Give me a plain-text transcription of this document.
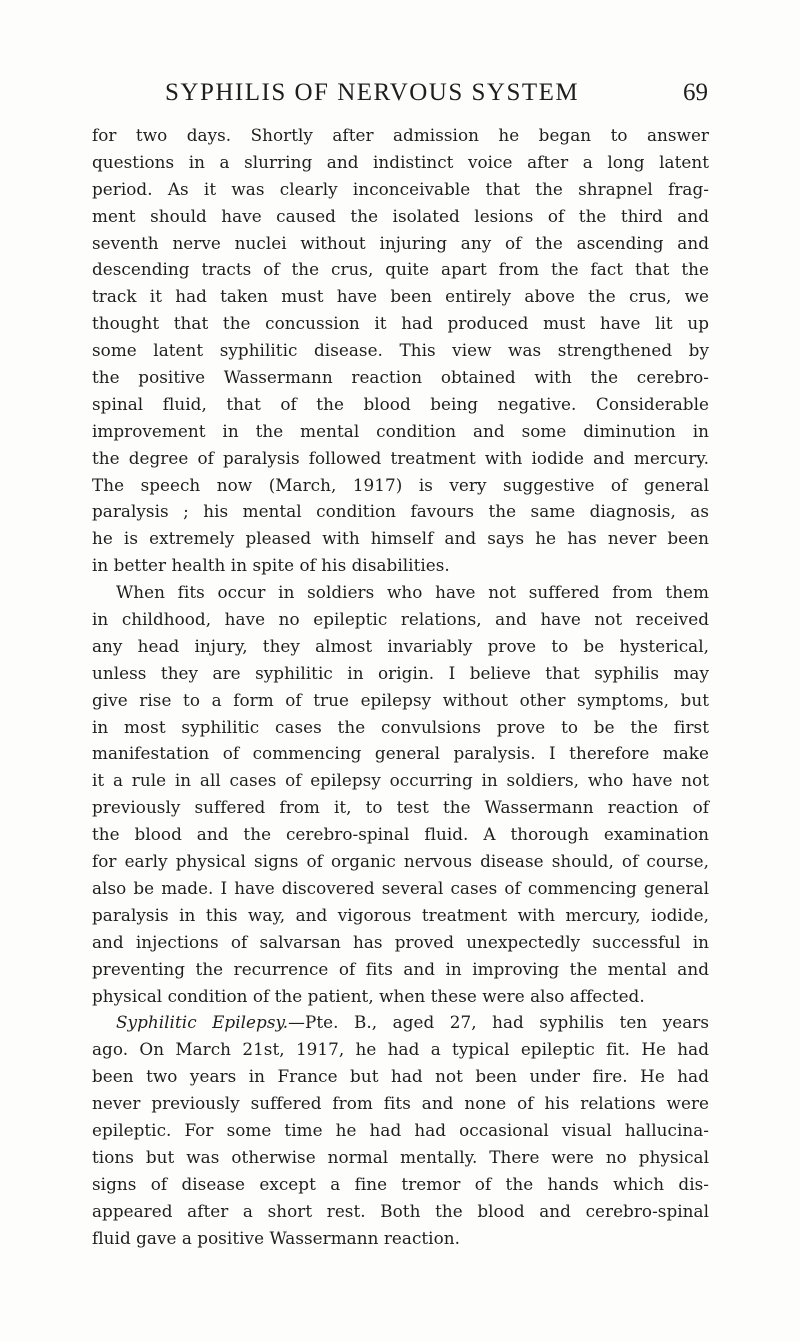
SYPHILIS OF NERVOUS SYSTEM	69
for two days. Shortly after admission he began to answer
questions in a slurring and indistinct voice after a long latent
period. As it was clearly inconceivable that the shrapnel frag-
ment should have caused the isolated lesions of the third and
seventh nerve nuclei without injuring any of the ascending and
descending tracts of the crus, quite apart from the fact that the
track it had taken must have been entirely above the crus, we
thought that the concussion it had produced must have lit up
some latent syphilitic disease. This view was strengthened by
the positive Wassermann reaction obtained with the cerebro-
spinal fluid, that of the blood being negative. Considerable
improvement in the mental condition and some diminution in
the degree of paralysis followed treatment with iodide and mercury.
The speech now (March, 1917) is very suggestive of general
paralysis ; his mental condition favours the same diagnosis, as
he is extremely pleased with himself and says he has never been
in better health in spite of his disabilities.
When fits occur in soldiers who have not suffered from them
in childhood, have no epileptic relations, and have not received
any head injury, they almost invariably prove to be hysterical,
unless they are syphilitic in origin. I believe that syphilis may
give rise to a form of true epilepsy without other symptoms, but
in most syphilitic cases the convulsions prove to be the first
manifestation of commencing general paralysis. I therefore make
it a rule in all cases of epilepsy occurring in soldiers, who have not
previously suffered from it, to test the Wassermann reaction of
the blood and the cerebro-spinal fluid. A thorough examination
for early physical signs of organic nervous disease should, of course,
also be made. I have discovered several cases of commencing general
paralysis in this way, and vigorous treatment with mercury, iodide,
and injections of salvarsan has proved unexpectedly successful in
preventing the recurrence of fits and in improving the mental and
physical condition of the patient, when these were also affected.
Syphilitic Epilepsy.—Pte. B., aged 27, had syphilis ten years
ago. On March 21st, 1917, he had a typical epileptic fit. He had
been two years in France but had not been under fire. He had
never previously suffered from fits and none of his relations were
epileptic. For some time he had had occasional visual hallucina-
tions but was otherwise normal mentally. There were no physical
signs of disease except a fine tremor of the hands which dis-
appeared after a short rest. Both the blood and cerebro-spinal
fluid gave a positive Wassermann reaction.
